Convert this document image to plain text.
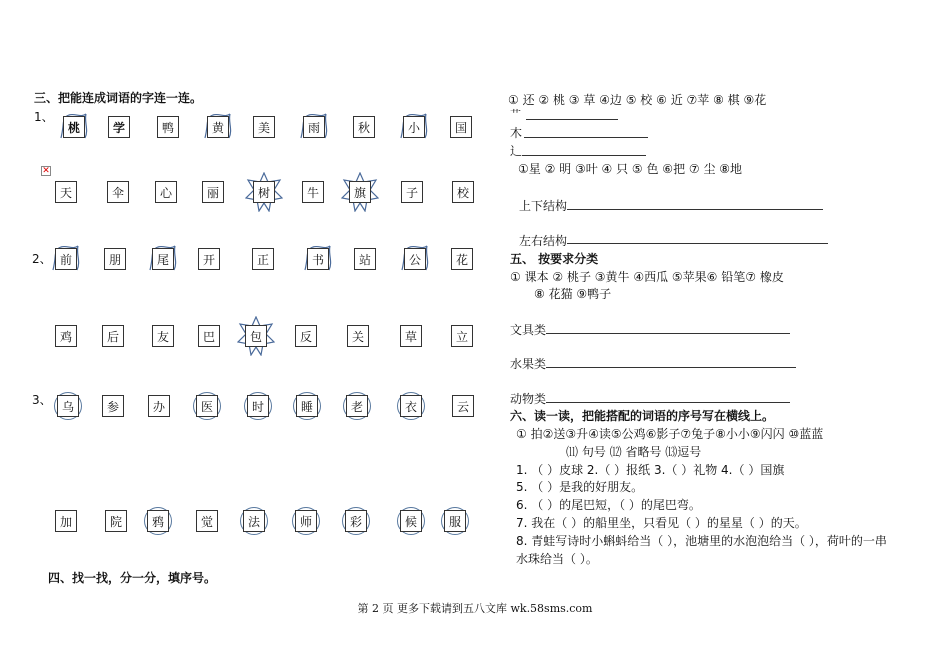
三、把能连成词语的字连一连。
1、
2、
3、
✕
桃	学	鸭	黄	美	雨	秋	小	国
天	伞	心	丽	树	牛	旗	子	校
前	朋	尾	开	正	书	站	公	花
鸡	后	友	巴	包	反	关	草	立
乌	参	办	医	时	睡	老	衣	云
加	院	鸦	觉	法	师	彩	候	服
四、找一找，分一分，填序号。
① 还 ② 桃 ③ 草 ④边 ⑤ 校 ⑥ 近 ⑦苹 ⑧ 棋 ⑨花
艹
木
辶
①星 ② 明 ③叶 ④ 只 ⑤ 色 ⑥把 ⑦ 尘 ⑧地
上下结构
左右结构
五、 按要求分类
① 课本 ② 桃子 ③黄牛 ④西瓜 ⑤苹果⑥ 铅笔⑦ 橡皮
⑧ 花猫 ⑨鸭子
文具类
水果类
动物类
六、读一读，把能搭配的词语的序号写在横线上。
① 拍②送③升④读⑤公鸡⑥影子⑦兔子⑧小小⑨闪闪 ⑩蓝蓝
⑾ 句号 ⑿ 省略号 ⒀逗号
1. （ ）皮球 2.（ ）报纸 3.（ ）礼物 4.（ ）国旗
5. （ ）是我的好朋友。
6. （ ）的尾巴短，（ ）的尾巴弯。
7. 我在（ ）的船里坐，只看见（ ）的星星（ ）的天。
8. 青蛙写诗时小蝌蚪给当（ ），池塘里的水泡泡给当（ ），荷叶的一串
水珠给当（ ）。
第 2 页 更多下载请到五八文库 wk.58sms.com
